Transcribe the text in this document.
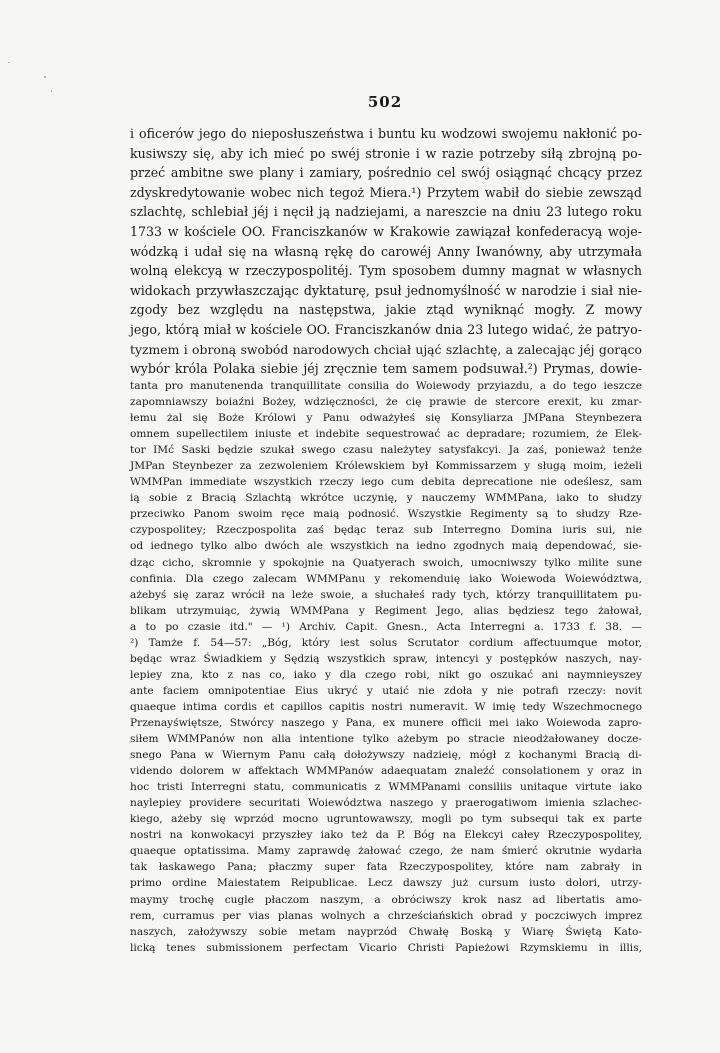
502
i oficerów jego do nieposłuszeństwa i buntu ku wodzowi swojemu nakłonić po-
kusiwszy się, aby ich mieć po swéj stronie i w razie potrzeby siłą zbrojną po-
przeć ambitne swe plany i zamiary, pośrednio cel swój osiągnąć chcący przez
zdyskredytowanie wobec nich tegoż Miera.¹) Przytem wabił do siebie zewsząd
szlachtę, schlebiał jéj i nęcił ją nadziejami, a nareszcie na dniu 23 lutego roku
1733 w kościele OO. Franciszkanów w Krakowie zawiązał konfederacyą woje-
wódzką i udał się na własną rękę do carowéj Anny Iwanówny, aby utrzymała
wolną elekcyą w rzeczypospolitéj. Tym sposobem dumny magnat w własnych
widokach przywłaszczając dyktaturę, psuł jednomyślność w narodzie i siał nie-
zgody bez względu na następstwa, jakie ztąd wyniknąć mogły. Z mowy
jego, którą miał w kościele OO. Franciszkanów dnia 23 lutego widać, że patryo-
tyzmem i obroną swobód narodowych chciał ująć szlachtę, a zalecając jéj gorąco
wybór króla Polaka siebie jéj zręcznie tem samem podsuwał.²) Prymas, dowie-
tanta pro manutenenda tranquillitate consilia do Woiewody przyiazdu, a do tego ieszcze
zapomniawszy boiaźni Bożey, wdzięczności, że cię prawie de stercore erexit, ku zmar-
łemu żal się Boże Królowi y Panu odważyłeś się Konsyliarza JMPana Steynbezera
omnem supellectilem iniuste et indebite sequestrować ac depradare; rozumiem, że Elek-
tor IMć Saski będzie szukał swego czasu należytey satysfakcyi. Ja zaś, ponieważ tenże
JMPan Steynbezer za zezwoleniem Królewskiem był Kommissarzem y sługą moim, ieżeli
WMMPan immediate wszystkich rzeczy iego cum debita deprecatione nie odeślesz, sam
ią sobie z Bracią Szlachtą wkrótce uczynię, y nauczemy WMMPana, iako to słudzy
przeciwko Panom swoim ręce maią podnosić. Wszystkie Regimenty są to słudzy Rze-
czypospolitey; Rzeczpospolita zaś będąc teraz sub Interregno Domina iuris sui, nie
od iednego tylko albo dwóch ale wszystkich na iedno zgodnych maią dependować, sie-
dząc cicho, skromnie y spokojnie na Quatyerach swoich, umocniwszy tylko milite sune
confinia. Dla czego zalecam WMMPanu y rekomenduię iako Woiewoda Woiewództwa,
ażebyś się zaraz wrócił na leże swoie, a słuchałeś rady tych, którzy tranquillitatem pu-
blikam utrzymuiąc, żywią WMMPana y Regiment Jego, alias będziesz tego żałował,
a to po czasie itd." — ¹) Archiv. Capit. Gnesn., Acta Interregni a. 1733 f. 38. —
²) Tamże f. 54—57: „Bóg, który iest solus Scrutator cordium affectuumque motor,
będąc wraz Świadkiem y Sędzią wszystkich spraw, intencyi y postępków naszych, nay-
lepiey zna, kto z nas co, iako y dla czego robi, nikt go oszukać ani naymnieyszey
ante faciem omnipotentiae Eius ukryć y utaić nie zdoła y nie potrafi rzeczy: novit
quaeque intima cordis et capillos capitis nostri numeravit. W imię tedy Wszechmocnego
Przenayświętsze, Stwórcy naszego y Pana, ex munere officii mei iako Woiewoda zapro-
siłem WMMPanów non alia intentione tylko ażebym po stracie nieodżałowaney docze-
snego Pana w Wiernym Panu całą dołożywszy nadzieię, mógł z kochanymi Bracią di-
videndo dolorem w affektach WMMPanów adaequatam znaleźć consolationem y oraz in
hoc tristi Interregni statu, communicatis z WMMPanami consiliis unitaque virtute iako
naylepiey providere securitati Woiewództwa naszego y praerogatiwom imienia szlachec-
kiego, ażeby się wprzód mocno ugruntowawszy, mogli po tym subsequi tak ex parte
nostri na konwokacyi przyszłey iako też da P. Bóg na Elekcyi całey Rzeczypospolitey,
quaeque optatissima. Mamy zaprawdę żałować czego, że nam śmierć okrutnie wydarła
tak łaskawego Pana; płaczmy super fata Rzeczypospolitey, które nam zabrały in
primo ordine Maiestatem Reipublicae. Lecz dawszy już cursum iusto dolori, utrzy-
maymy trochę cugle płaczom naszym, a obróciwszy krok nasz ad libertatis amo-
rem, curramus per vias planas wolnych a chrześciańskich obrad y poczciwych imprez
naszych, założywszy sobie metam nayprzód Chwałę Boską y Wiarę Świętą Kato-
licką tenes submissionem perfectam Vicario Christi Papieżowi Rzymskiemu in illis,
